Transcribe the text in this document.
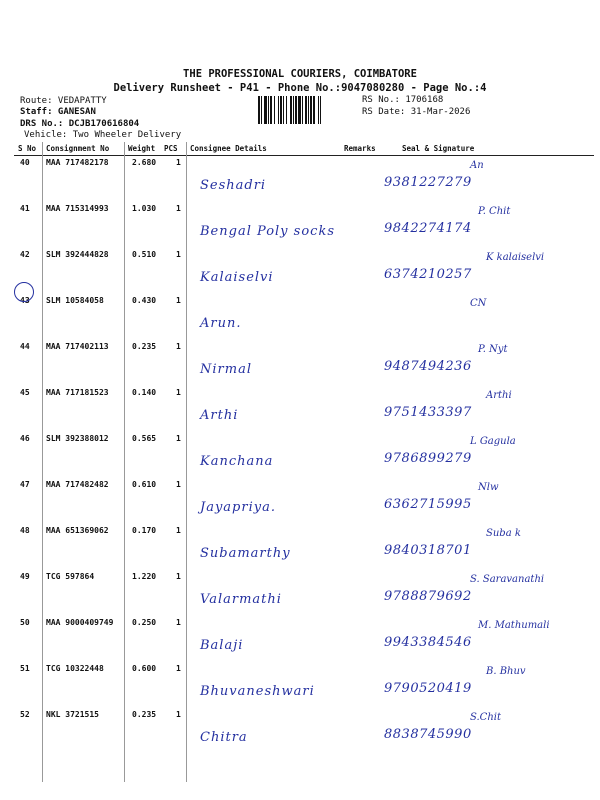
THE PROFESSIONAL COURIERS, COIMBATORE
Delivery Runsheet - P41 - Phone No.:9047080280 - Page No.:4
Route: VEDAPATTY
Staff: GANESAN
DRS No.: DCJB170616804
Vehicle: Two Wheeler Delivery
RS No.: 1706168
RS Date: 31-Mar-2026
S No Consignment No	Weight PCS Consignee Details	Remarks	Seal & Signature
40 MAA 717482178	2.680 1
Seshadri	9381227279
An
41 MAA 715314993	1.030 1
Bengal Poly socks	9842274174
P. Chit
42 SLM 392444828	0.510 1
Kalaiselvi	6374210257
K kalaiselvi
43 SLM 10584058	0.430 1
Arun.
CN
44 MAA 717402113	0.235 1
Nirmal	9487494236
P. Nyt
45 MAA 717181523	0.140 1
Arthi	9751433397
Arthi
46 SLM 392388012	0.565 1
Kanchana	9786899279
L Gagula
47 MAA 717482482	0.610 1
Jayapriya.	6362715995
Nlw
48 MAA 651369062	0.170 1
Subamarthy	9840318701
Suba k
49 TCG 597864	1.220 1
Valarmathi	9788879692
S. Saravanathi
50 MAA 9000409749 0.250 1
Balaji	9943384546
M. Mathumali
51 TCG 10322448	0.600 1
Bhuvaneshwari	9790520419
B. Bhuv
52 NKL 3721515	0.235 1
Chitra	8838745990
S.Chit
